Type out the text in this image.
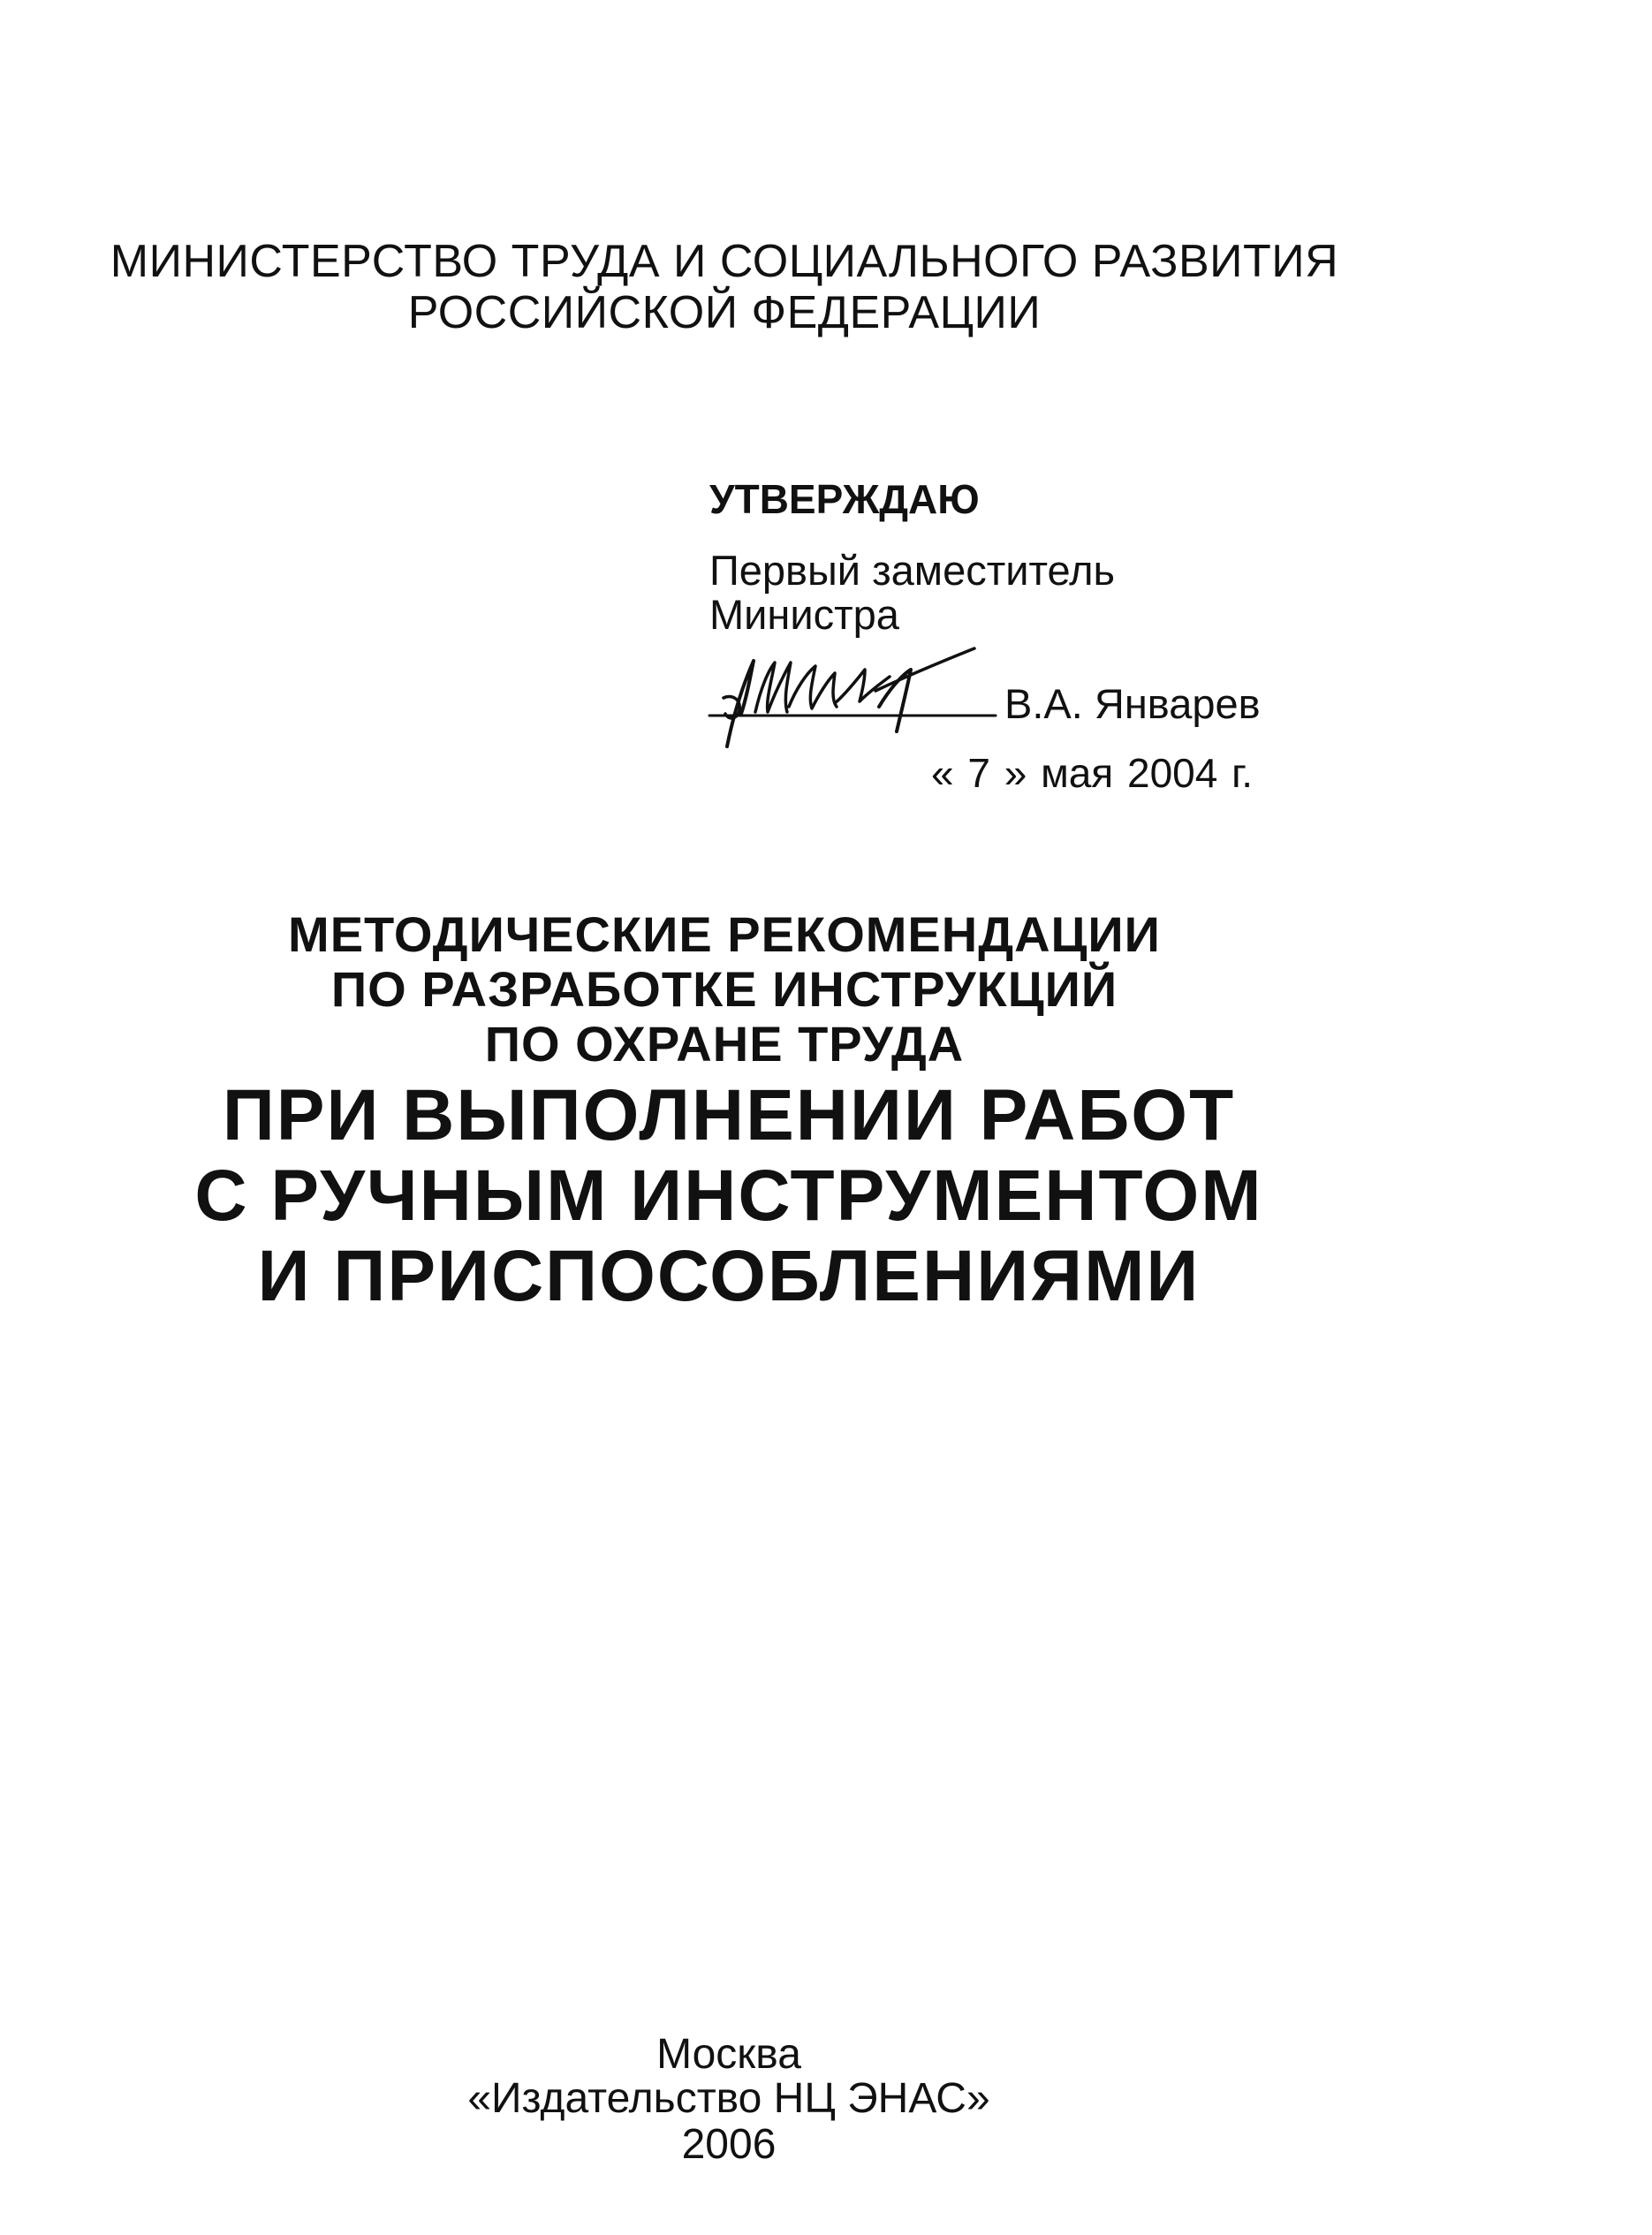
МИНИСТЕРСТВО ТРУДА И СОЦИАЛЬНОГО РАЗВИТИЯ
РОССИЙСКОЙ ФЕДЕРАЦИИ
УТВЕРЖДАЮ
Первый заместитель
Министра
В.А. Январев
« 7 » мая 2004 г.
МЕТОДИЧЕСКИЕ РЕКОМЕНДАЦИИ
ПО РАЗРАБОТКЕ ИНСТРУКЦИЙ
ПО ОХРАНЕ ТРУДА
ПРИ ВЫПОЛНЕНИИ РАБОТ
С РУЧНЫМ ИНСТРУМЕНТОМ
И ПРИСПОСОБЛЕНИЯМИ
Москва
«Издательство НЦ ЭНАС»
2006
